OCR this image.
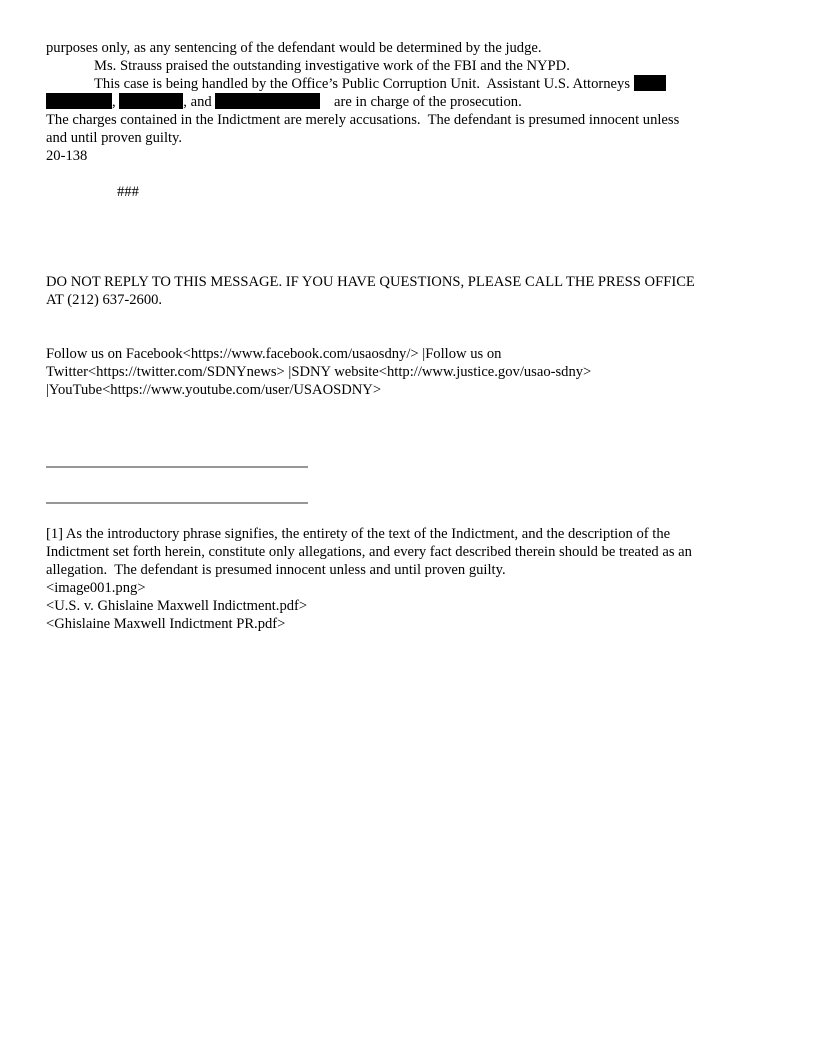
purposes only, as any sentencing of the defendant would be determined by the judge.

Ms. Strauss praised the outstanding investigative work of the FBI and the NYPD.

This case is being handled by the Office’s Public Corruption Unit.  Assistant U.S. Attorneys

,	, and	are in charge of the prosecution.

The charges contained in the Indictment are merely accusations.  The defendant is presumed innocent unless

and until proven guilty.

20-138

###

DO NOT REPLY TO THIS MESSAGE. IF YOU HAVE QUESTIONS, PLEASE CALL THE PRESS OFFICE

AT (212) 637-2600.

Follow us on Facebook<https://www.facebook.com/usaosdny/> |Follow us on

Twitter<https://twitter.com/SDNYnews> |SDNY website<http://www.justice.gov/usao-sdny>

|YouTube<https://www.youtube.com/user/USAOSDNY>

[1] As the introductory phrase signifies, the entirety of the text of the Indictment, and the description of the

Indictment set forth herein, constitute only allegations, and every fact described therein should be treated as an

allegation.  The defendant is presumed innocent unless and until proven guilty.

<image001.png>

<U.S. v. Ghislaine Maxwell Indictment.pdf>

<Ghislaine Maxwell Indictment PR.pdf>
